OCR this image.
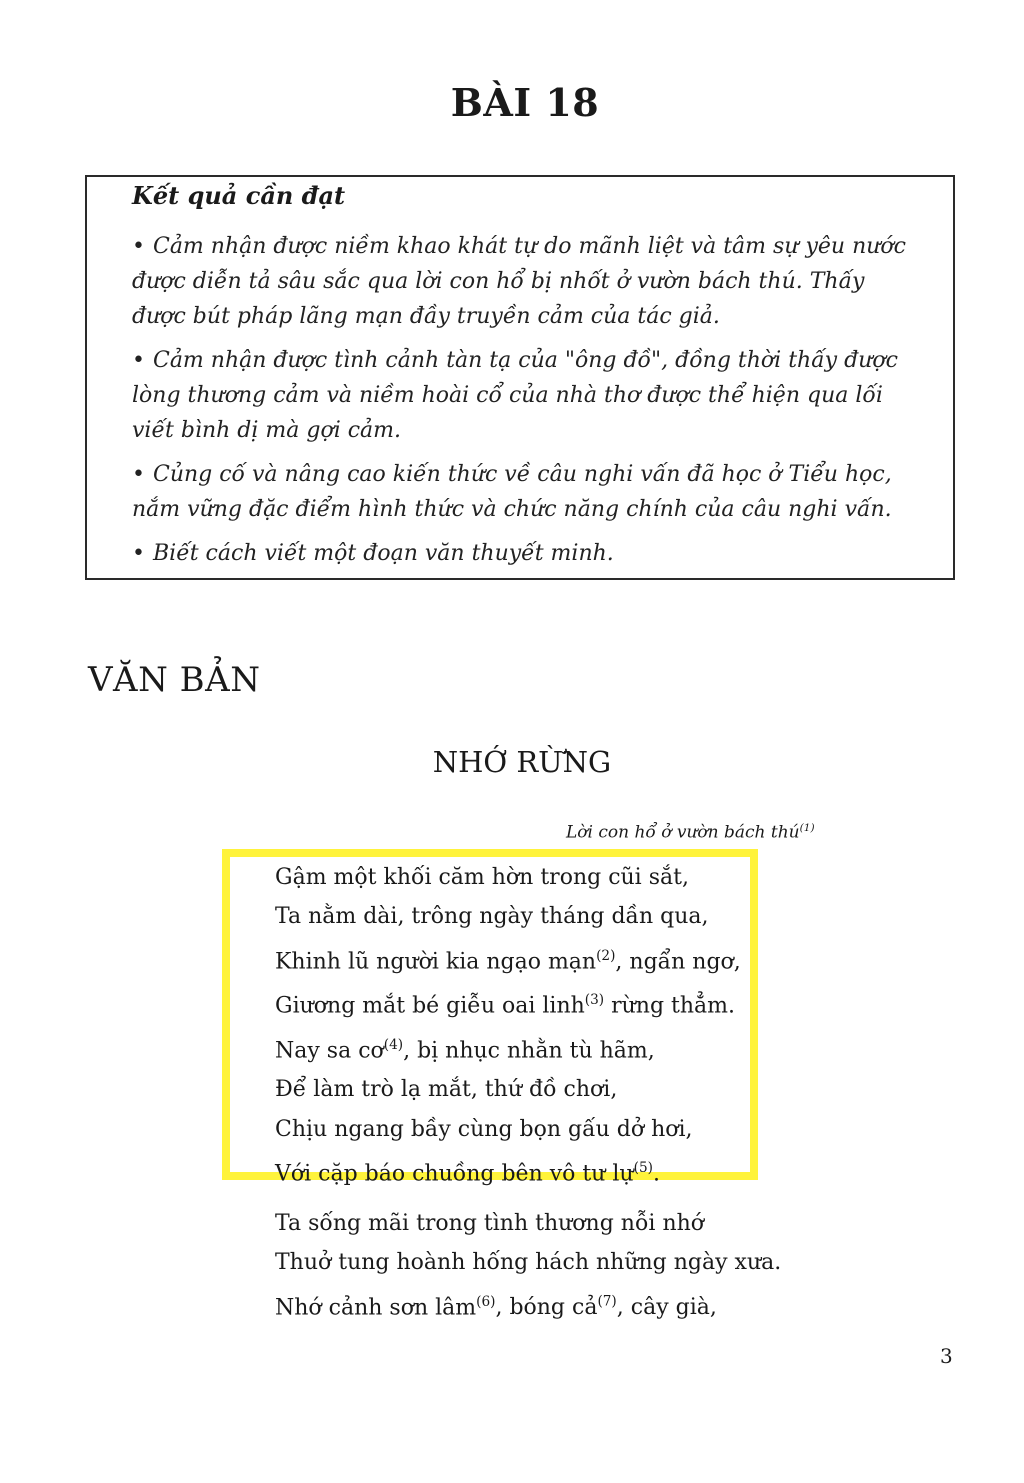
BÀI 18
Kết quả cần đạt
• Cảm nhận được niềm khao khát tự do mãnh liệt và tâm sự yêu nước được diễn tả sâu sắc qua lời con hổ bị nhốt ở vườn bách thú. Thấy được bút pháp lãng mạn đầy truyền cảm của tác giả.
• Cảm nhận được tình cảnh tàn tạ của "ông đồ", đồng thời thấy được lòng thương cảm và niềm hoài cổ của nhà thơ được thể hiện qua lối viết bình dị mà gợi cảm.
• Củng cố và nâng cao kiến thức về câu nghi vấn đã học ở Tiểu học, nắm vững đặc điểm hình thức và chức năng chính của câu nghi vấn.
• Biết cách viết một đoạn văn thuyết minh.
VĂN BẢN
NHỚ RỪNG
Lời con hổ ở vườn bách thú$^{(1)}$
Gậm một khối căm hờn trong cũi sắt,
Ta nằm dài, trông ngày tháng dần qua,
Khinh lũ người kia ngạo mạn$^{(2)}$, ngẩn ngơ,
Giương mắt bé giễu oai linh$^{(3)}$ rừng thẳm.
Nay sa $cơ^{(4)}$, bị nhục nhằn tù hãm,
Để làm trò lạ mắt, thứ đồ chơi,
Chịu ngang bầy cùng bọn gấu dở hơi,
Với cặp báo chuồng bên vô tư lự$^{(5)}$.
Ta sống mãi trong tình thương nỗi nhớ
Thuở tung hoành hống hách những ngày xưa.
Nhớ cảnh sơn lâm$^{(6)}$, bóng cả$^{(7)}$, cây già,
3
